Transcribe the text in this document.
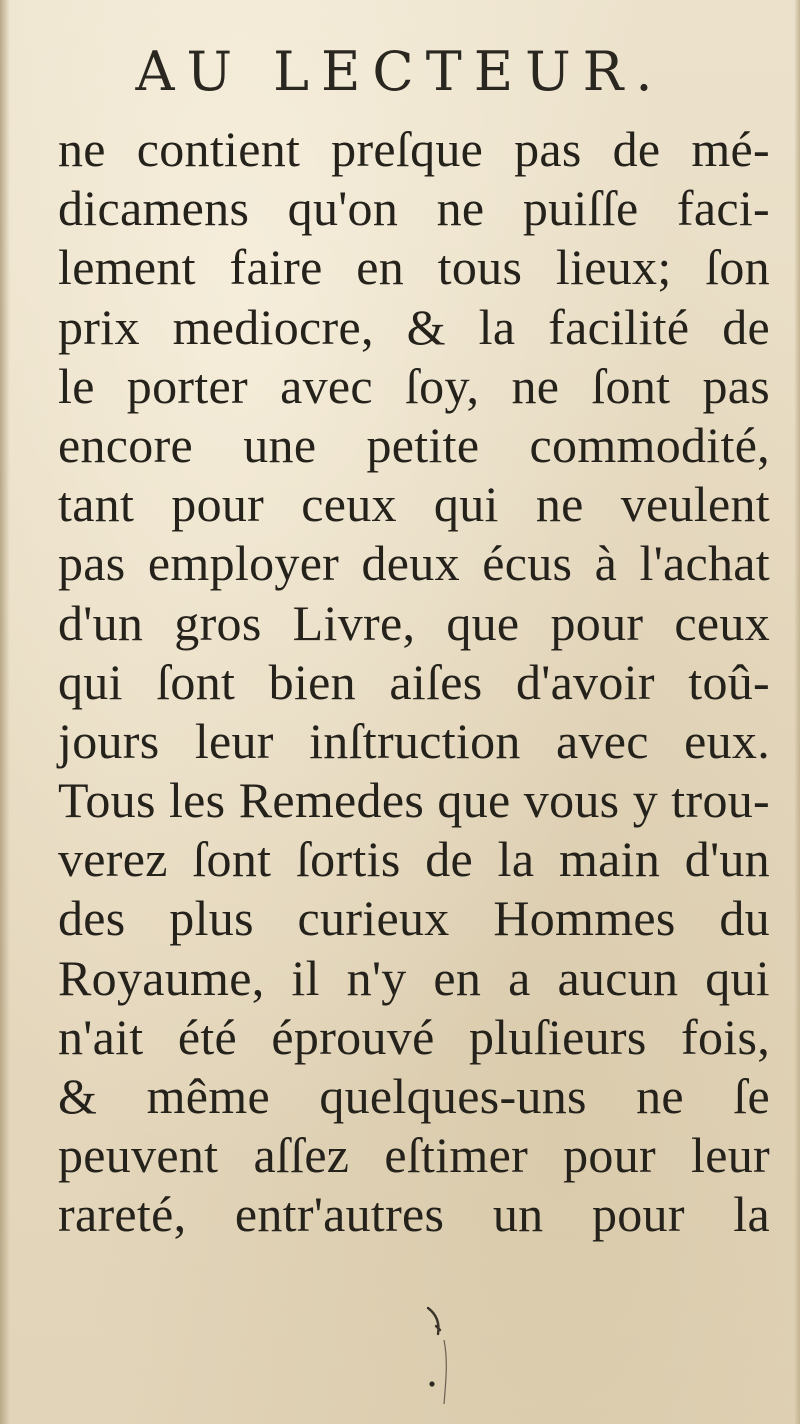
AU LECTEUR.
ne contient preſque pas de mé-
dicamens qu'on ne puiſſe faci-
lement faire en tous lieux; ſon
prix mediocre, & la facilité de
le porter avec ſoy, ne ſont pas
encore une petite commodité,
tant pour ceux qui ne veulent
pas employer deux écus à l'achat
d'un gros Livre, que pour ceux
qui ſont bien aiſes d'avoir toû-
jours leur inſtruction avec eux.
Tous les Remedes que vous y trou-
verez ſont ſortis de la main d'un
des plus curieux Hommes du
Royaume, il n'y en a aucun qui
n'ait été éprouvé pluſieurs fois,
& même quelques-uns ne ſe
peuvent aſſez eſtimer pour leur
rareté, entr'autres un pour la
